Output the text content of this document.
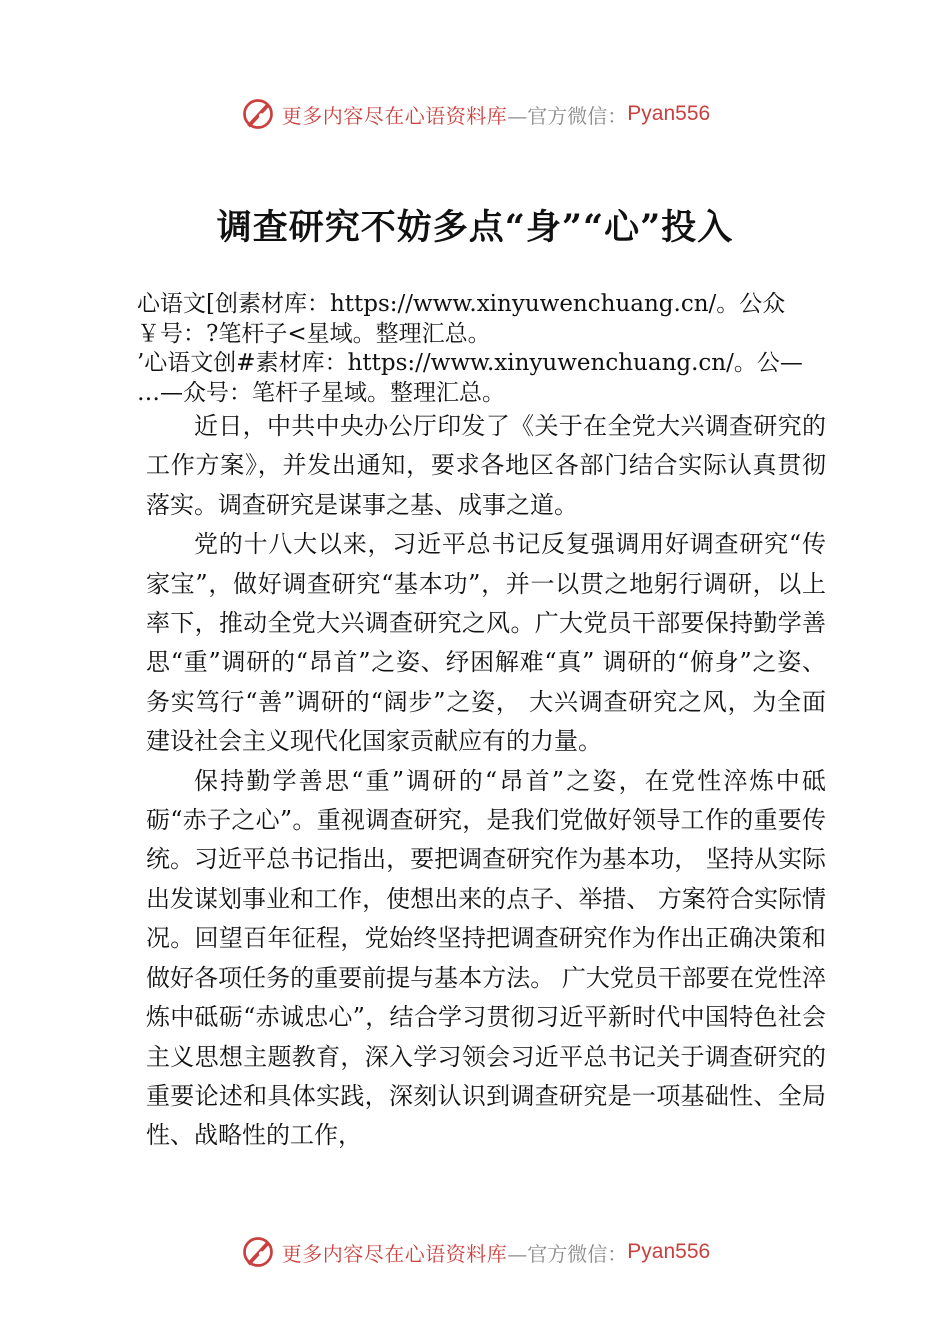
更多内容尽在心语资料库 —官方微信： Pyan556
调查研究不妨多点“身”“心”投入
心语文[创素材库：https://www.xinyuwenchuang.cn/。公众
￥号：?笔杆子<星域。整理汇总。
’心语文创#素材库：https://www.xinyuwenchuang.cn/。公—
…—众号：笔杆子星域。整理汇总。

近日，中共中央办公厅印发了《关于在全党大兴调查研究的工作方案》，并发出通知，要求各地区各部门结合实际认真贯彻落实。调查研究是谋事之基、成事之道。

党的十八大以来，习近平总书记反复强调用好调查研究“传家宝”，做好调查研究“基本功”，并一以贯之地躬行调研，以上率下，推动全党大兴调查研究之风。广大党员干部要保持勤学善思“重”调研的“昂首”之姿、纾困解难“真” 调研的“俯身”之姿、务实笃行“善”调研的“阔步”之姿， 大兴调查研究之风，为全面建设社会主义现代化国家贡献应有的力量。

保持勤学善思“重”调研的“昂首”之姿，在党性淬炼中砥砺“赤子之心”。重视调查研究，是我们党做好领导工作的重要传统。习近平总书记指出，要把调查研究作为基本功， 坚持从实际出发谋划事业和工作，使想出来的点子、举措、 方案符合实际情况。回望百年征程，党始终坚持把调查研究作为作出正确决策和做好各项任务的重要前提与基本方法。 广大党员干部要在党性淬炼中砥砺“赤诚忠心”，结合学习贯彻习近平新时代中国特色社会主义思想主题教育，深入学习领会习近平总书记关于调查研究的重要论述和具体实践，深刻认识到调查研究是一项基础性、全局性、战略性的工作，

更多内容尽在心语资料库 —官方微信： Pyan556
